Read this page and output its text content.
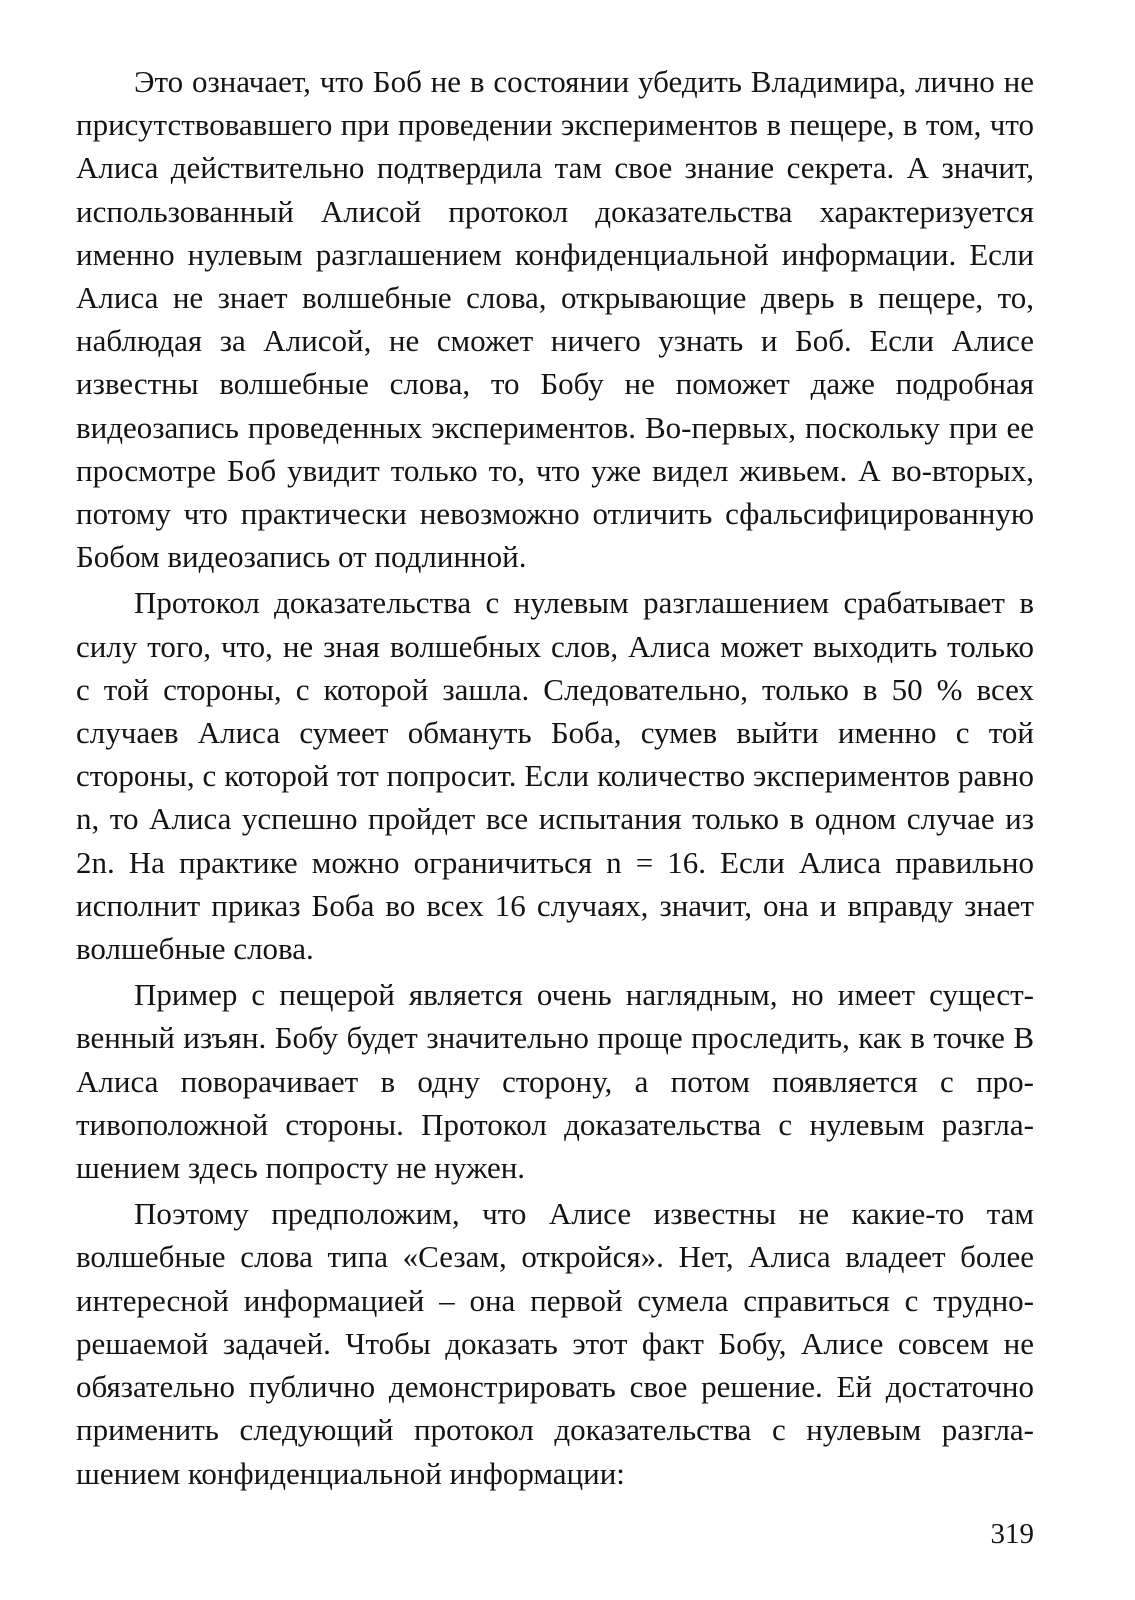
Это означает, что Боб не в состоянии убедить Владимира, лично не присутствовавшего при проведении экспериментов в пещере, в том, что Алиса действительно подтвердила там свое знание секрета. А значит, использованный Алисой протокол доказательства характеризуется именно нулевым разглашением конфиденциальной информации. Если Алиса не знает волшебные слова, открывающие дверь в пещере, то, наблюдая за Алисой, не сможет ничего узнать и Боб. Если Алисе известны волшебные слова, то Бобу не поможет даже подробная видеозапись проведенных экспериментов. Во-первых, поскольку при ее просмотре Боб увидит только то, что уже видел живьем. А во-вторых, потому что практически невозможно отличить сфальсифицированную Бобом видеозапись от подлинной.

Протокол доказательства с нулевым разглашением срабатывает в силу того, что, не зная волшебных слов, Алиса может выходить только с той стороны, с которой зашла. Следовательно, только в 50 % всех случаев Алиса сумеет обмануть Боба, сумев выйти именно с той стороны, с которой тот попросит. Если количество экспериментов равно n, то Алиса успешно пройдет все испытания только в одном случае из 2n. На практике можно ограничиться n = 16. Если Алиса правильно исполнит приказ Боба во всех 16 случаях, значит, она и вправду знает волшебные слова.

Пример с пещерой является очень наглядным, но имеет существенный изъян. Бобу будет значительно проще проследить, как в точке B Алиса поворачивает в одну сторону, а потом появляется с противоположной стороны. Протокол доказательства с нулевым разглашением здесь попросту не нужен.

Поэтому предположим, что Алисе известны не какие-то там волшебные слова типа «Сезам, откройся». Нет, Алиса владеет более интересной информацией – она первой сумела справиться с труднорешаемой задачей. Чтобы доказать этот факт Бобу, Алисе совсем не обязательно публично демонстрировать свое решение. Ей достаточно применить следующий протокол доказательства с нулевым разглашением конфиденциальной информации:

319
